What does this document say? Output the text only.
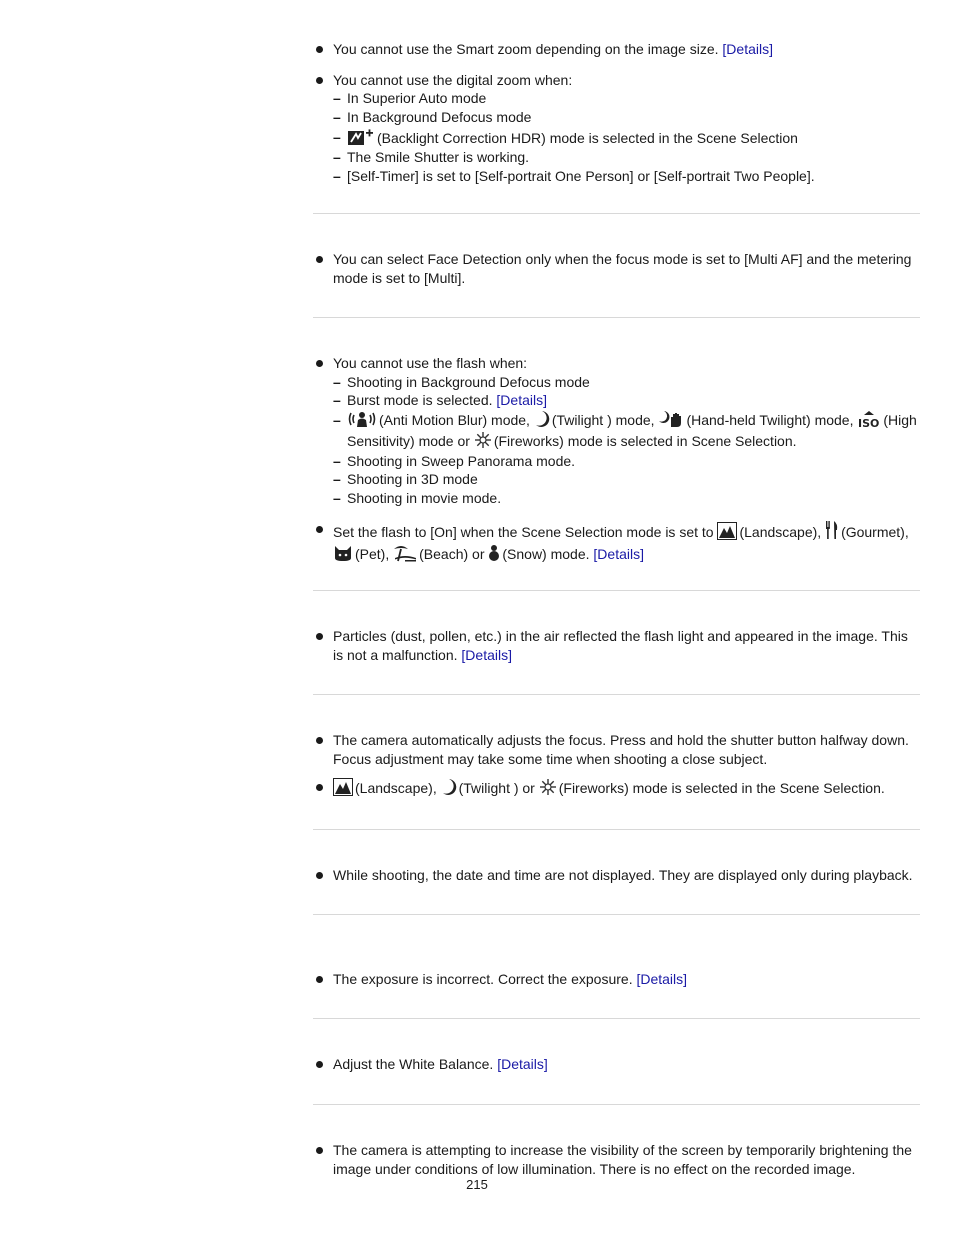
You cannot use the Smart zoom depending on the image size. [Details]
You cannot use the digital zoom when:
– In Superior Auto mode
– In Background Defocus mode
– (Backlight Correction HDR) mode is selected in the Scene Selection
– The Smile Shutter is working.
– [Self-Timer] is set to [Self-portrait One Person] or [Self-portrait Two People].
You can select Face Detection only when the focus mode is set to [Multi AF] and the metering mode is set to [Multi].
You cannot use the flash when:
– Shooting in Background Defocus mode
– Burst mode is selected. [Details]
– (Anti Motion Blur) mode, (Twilight ) mode, (Hand-held Twilight) mode, ISO (High Sensitivity) mode or (Fireworks) mode is selected in Scene Selection.
– Shooting in Sweep Panorama mode.
– Shooting in 3D mode
– Shooting in movie mode.
Set the flash to [On] when the Scene Selection mode is set to (Landscape), (Gourmet),

(Pet), (Beach) or (Snow) mode. [Details]
Particles (dust, pollen, etc.) in the air reflected the flash light and appeared in the image. This is not a malfunction. [Details]
The camera automatically adjusts the focus. Press and hold the shutter button halfway down. Focus adjustment may take some time when shooting a close subject.
(Landscape), (Twilight ) or (Fireworks) mode is selected in the Scene Selection.
While shooting, the date and time are not displayed. They are displayed only during playback.
The exposure is incorrect. Correct the exposure. [Details]
Adjust the White Balance. [Details]
The camera is attempting to increase the visibility of the screen by temporarily brightening the image under conditions of low illumination. There is no effect on the recorded image.
215
